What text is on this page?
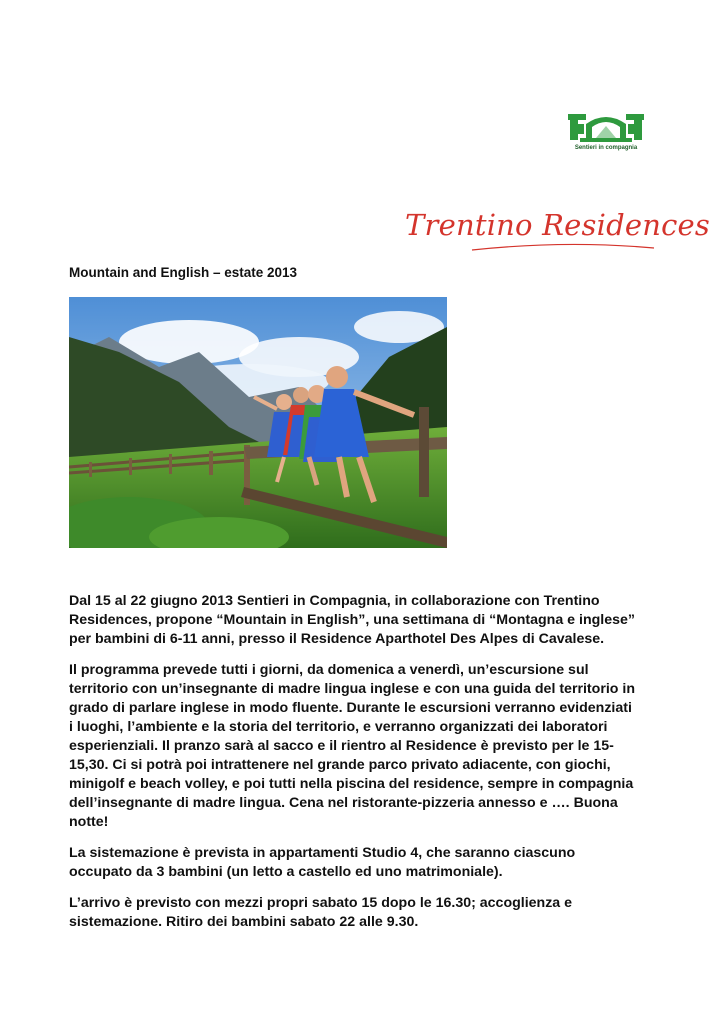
Sentieri in compagnia
Trentino Residences
Mountain and English – estate 2013

Dal 15 al 22 giugno 2013 Sentieri in Compagnia, in collaborazione con Trentino
Residences, propone “Mountain in English”, una settimana di “Montagna e inglese”
per bambini di 6-11 anni, presso il Residence Aparthotel Des Alpes di Cavalese.

Il programma prevede tutti i giorni, da domenica a venerdì, un’escursione sul
territorio con un’insegnante di madre lingua inglese e con una guida del territorio in
grado di parlare inglese in modo fluente. Durante le escursioni verranno evidenziati
i luoghi, l’ambiente e la storia del territorio, e verranno organizzati dei laboratori
esperienziali. Il pranzo sarà al sacco e il rientro al Residence è previsto per le 15-
15,30. Ci si potrà poi intrattenere nel grande parco privato adiacente, con giochi,
minigolf e beach volley, e poi tutti nella piscina del residence, sempre in compagnia
dell’insegnante di madre lingua. Cena nel ristorante-pizzeria annesso e …. Buona
notte!

La sistemazione è prevista in appartamenti Studio 4, che saranno ciascuno
occupato da 3 bambini (un letto a castello ed uno matrimoniale).

L’arrivo è previsto con mezzi propri sabato 15 dopo le 16.30; accoglienza e
sistemazione. Ritiro dei bambini sabato 22 alle 9.30.
